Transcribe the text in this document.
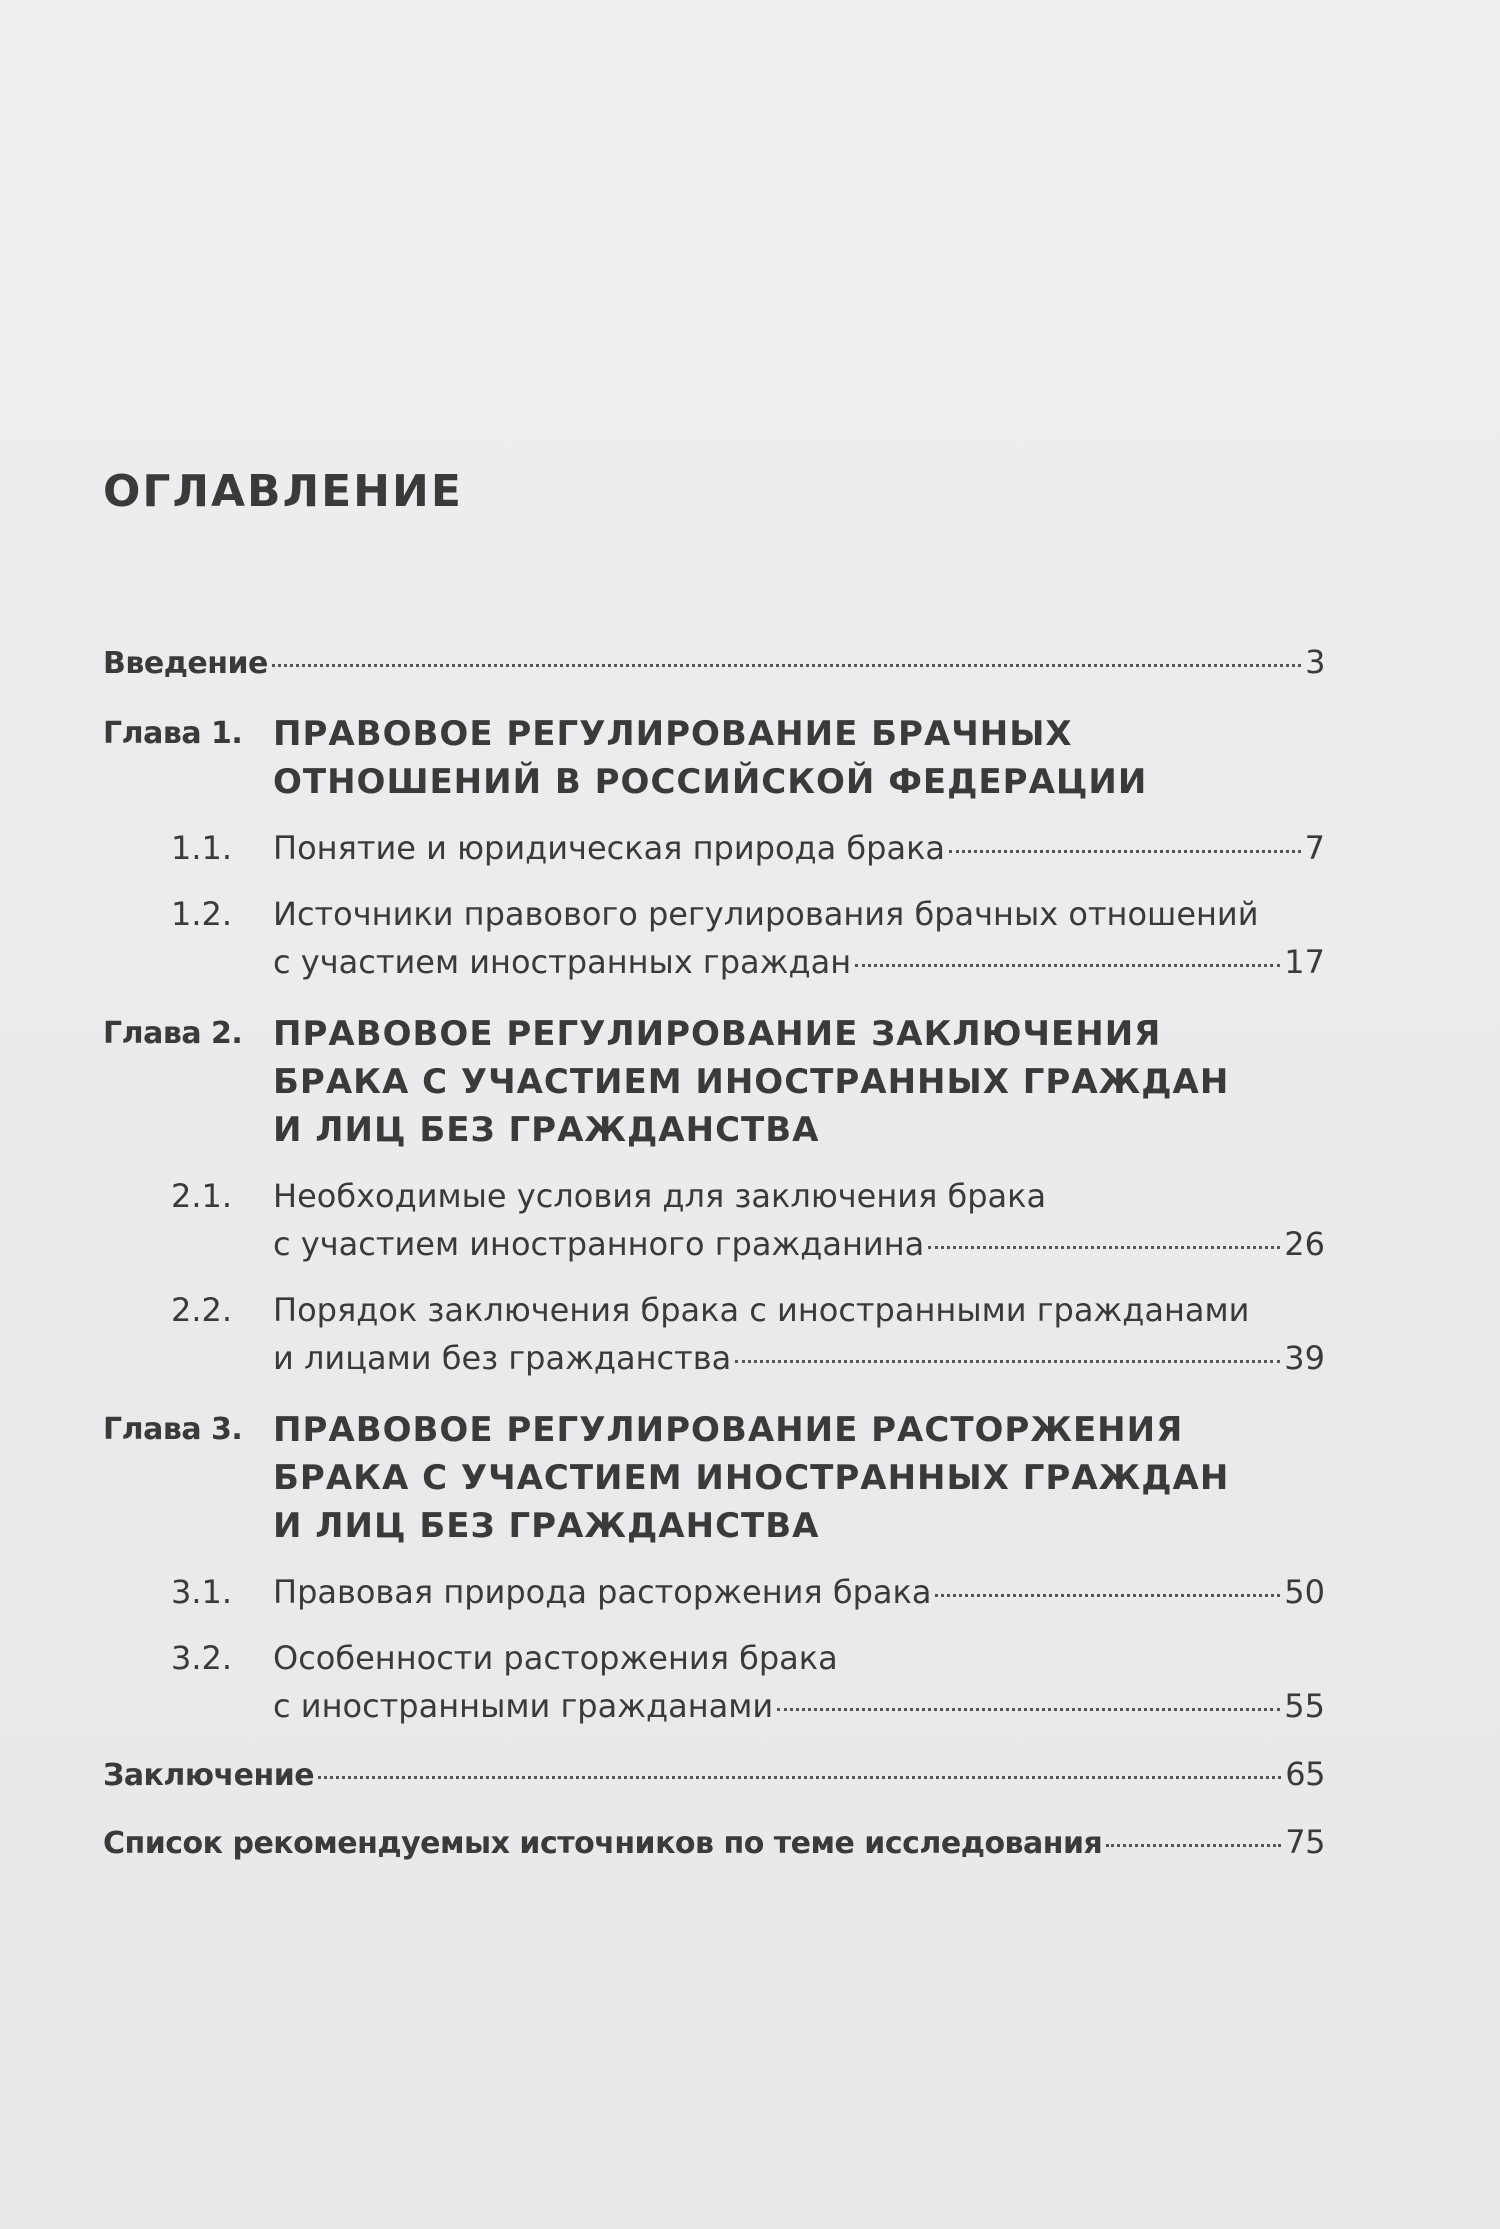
ОГЛАВЛЕНИЕ
Введение	3
Глава 1. ПРАВОВОЕ РЕГУЛИРОВАНИЕ БРАЧНЫХ
ОТНОШЕНИЙ В РОССИЙСКОЙ ФЕДЕРАЦИИ
1.1.	Понятие и юридическая природа брака	7
1.2.	Источники правового регулирования брачных отношений
с участием иностранных граждан	17
Глава 2. ПРАВОВОЕ РЕГУЛИРОВАНИЕ ЗАКЛЮЧЕНИЯ
БРАКА С УЧАСТИЕМ ИНОСТРАННЫХ ГРАЖДАН
И ЛИЦ БЕЗ ГРАЖДАНСТВА
2.1.	Необходимые условия для заключения брака
с участием иностранного гражданина	26
2.2.	Порядок заключения брака с иностранными гражданами
и лицами без гражданства	39
Глава 3. ПРАВОВОЕ РЕГУЛИРОВАНИЕ РАСТОРЖЕНИЯ
БРАКА С УЧАСТИЕМ ИНОСТРАННЫХ ГРАЖДАН
И ЛИЦ БЕЗ ГРАЖДАНСТВА
3.1.	Правовая природа расторжения брака	50
3.2.	Особенности расторжения брака
с иностранными гражданами	55
Заключение	65
Список рекомендуемых источников по теме исследования	75
